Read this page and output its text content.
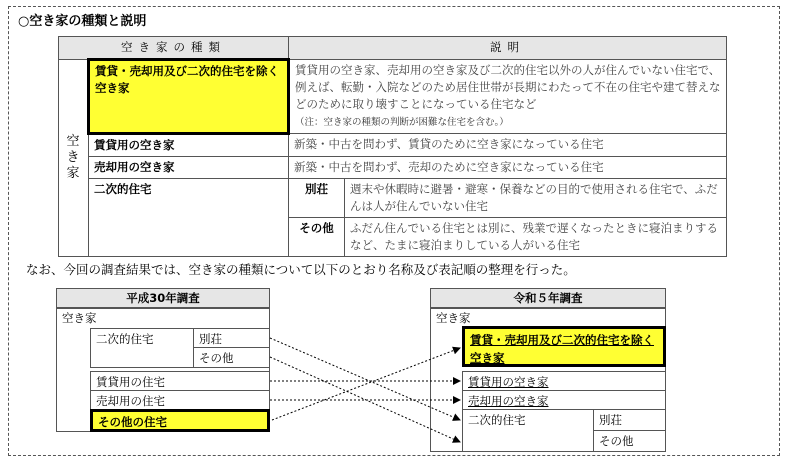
○空き家の種類と説明
空き家の種類		説明	
空き家	賃貸・売却用及び二次的住宅を除く空き家	賃貸用の空き家、売却用の空き家及び二次的住宅以外の人が住んでいない住宅で、例えば、転勤・入院などのため居住世帯が長期にわたって不在の住宅や建て替えなどのために取り壊すことになっている住宅など
（注：空き家の種類の判断が困難な住宅を含む。）	
	賃貸用の空き家	新築・中古を問わず、賃貸のために空き家になっている住宅	
	売却用の空き家	新築・中古を問わず、売却のために空き家になっている住宅	
	二次的住宅	別荘	週末や休暇時に避暑・避寒・保養などの目的で使用される住宅で、ふだんは人が住んでいない住宅
		その他	ふだん住んでいる住宅とは別に、残業で遅くなったときに寝泊まりするなど、たまに寝泊まりしている人がいる住宅
なお、今回の調査結果では、空き家の種類について以下のとおり名称及び表記順の整理を行った。
平成30年調査
空き家
二次的住宅	別荘
その他
賃貸用の住宅
売却用の住宅
その他の住宅
令和５年調査
空き家
賃貸・売却用及び二次的住宅を除く空き家
賃貸用の空き家
売却用の空き家
二次的住宅	別荘
その他
